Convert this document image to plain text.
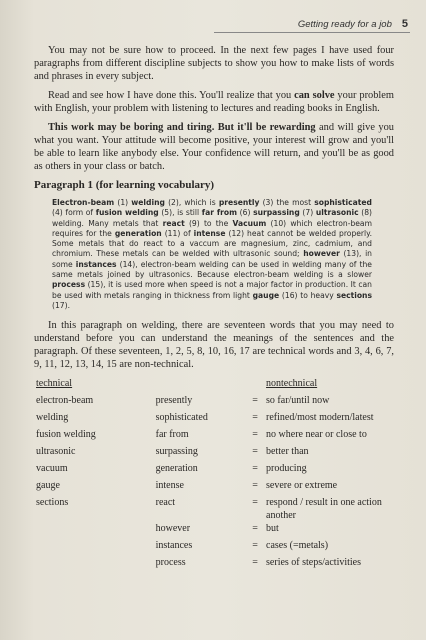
Getting ready for a job 5

You may not be sure how to proceed. In the next few pages I have used four paragraphs from different discipline subjects to show you how to make lists of words and phrases in every subject.

Read and see how I have done this. You'll realize that you can solve your problem with English, your problem with listening to lectures and reading books in English.

This work may be boring and tiring. But it'll be rewarding and will give you what you want. Your attitude will become positive, your interest will grow and you'll be able to learn like anybody else. Your confidence will return, and you'll be as good as others in your class or batch.

Paragraph 1 (for learning vocabulary)
Electron-beam (1) welding (2), which is presently (3) the most sophisticated (4) form of fusion welding (5), is still far from (6) surpassing (7) ultrasonic (8) welding. Many metals that react (9) to the Vacuum (10) which electron-beam requires for the generation (11) of intense (12) heat cannot be welded properly. Some metals that do react to a vaccum are magnesium, zinc, cadmium, and chromium. These metals can be welded with ultrasonic sound; however (13), in some instances (14), electron-beam welding can be used in welding many of the same metals joined by ultrasonics. Because electron-beam welding is a slower process (15), it is used more when speed is not a major factor in production. It can be used with metals ranging in thickness from light gauge (16) to heavy sections (17).

In this paragraph on welding, there are seventeen words that you may need to understand before you can understand the meanings of the sentences and the paragraph. Of these seventeen, 1, 2, 5, 8, 10, 16, 17 are technical words and 3, 4, 6, 7, 9, 11, 12, 13, 14, 15 are non-technical.

technical			nontechnical
electron-beam	presently	=	so far/until now
welding	sophisticated	=	refined/most modern/latest
fusion welding	far from	=	no where near or close to
ultrasonic	surpassing	=	better than
vacuum	generation	=	producing
gauge	intense	=	severe or extreme
sections	react	=	respond / result in one action another
	however	=	but
	instances	=	cases (=metals)
	process	=	series of steps/activities
